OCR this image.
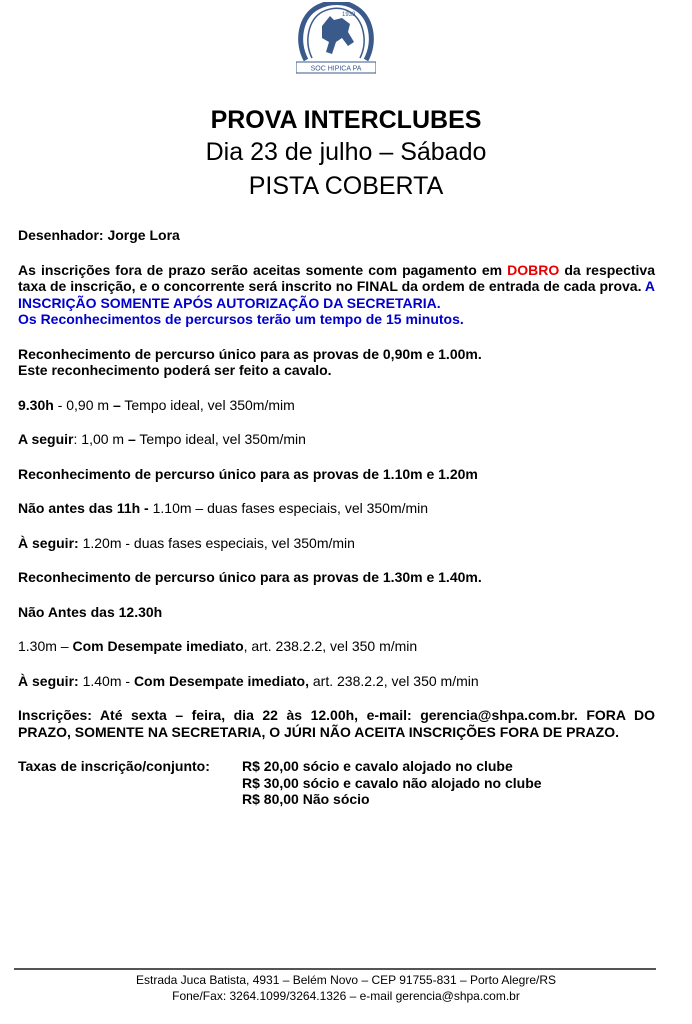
1939
SOC HIPICA PA
PROVA INTERCLUBES
Dia 23 de julho – Sábado
PISTA COBERTA

Desenhador: Jorge Lora

As inscrições fora de prazo serão aceitas somente com pagamento em DOBRO da respectiva taxa de inscrição, e o concorrente será inscrito no FINAL da ordem de entrada de cada prova. A INSCRIÇÃO SOMENTE APÓS AUTORIZAÇÃO DA SECRETARIA.

Os Reconhecimentos de percursos terão um tempo de 15 minutos.

Reconhecimento de percurso único para as provas de 0,90m e 1.00m.

Este reconhecimento poderá ser feito a cavalo.

9.30h - 0,90 m – Tempo ideal, vel 350m/mim

A seguir: 1,00 m – Tempo ideal, vel 350m/min

Reconhecimento de percurso único para as provas de 1.10m e 1.20m

Não antes das 11h - 1.10m – duas fases especiais, vel 350m/min

À seguir: 1.20m - duas fases especiais, vel 350m/min

Reconhecimento de percurso único para as provas de 1.30m e 1.40m.

Não Antes das 12.30h

1.30m – Com Desempate imediato, art. 238.2.2, vel 350 m/min

À seguir: 1.40m - Com Desempate imediato, art. 238.2.2, vel 350 m/min

Inscrições: Até sexta – feira, dia 22 às 12.00h, e-mail: gerencia@shpa.com.br. FORA DO PRAZO, SOMENTE NA SECRETARIA, O JÚRI NÃO ACEITA INSCRIÇÕES FORA DE PRAZO.

Taxas de inscrição/conjunto:	R$ 20,00 sócio e cavalo alojado no clube
R$ 30,00 sócio e cavalo não alojado no clube
R$ 80,00 Não sócio
Estrada Juca Batista, 4931 – Belém Novo – CEP 91755-831 – Porto Alegre/RS
Fone/Fax: 3264.1099/3264.1326 – e-mail gerencia@shpa.com.br
